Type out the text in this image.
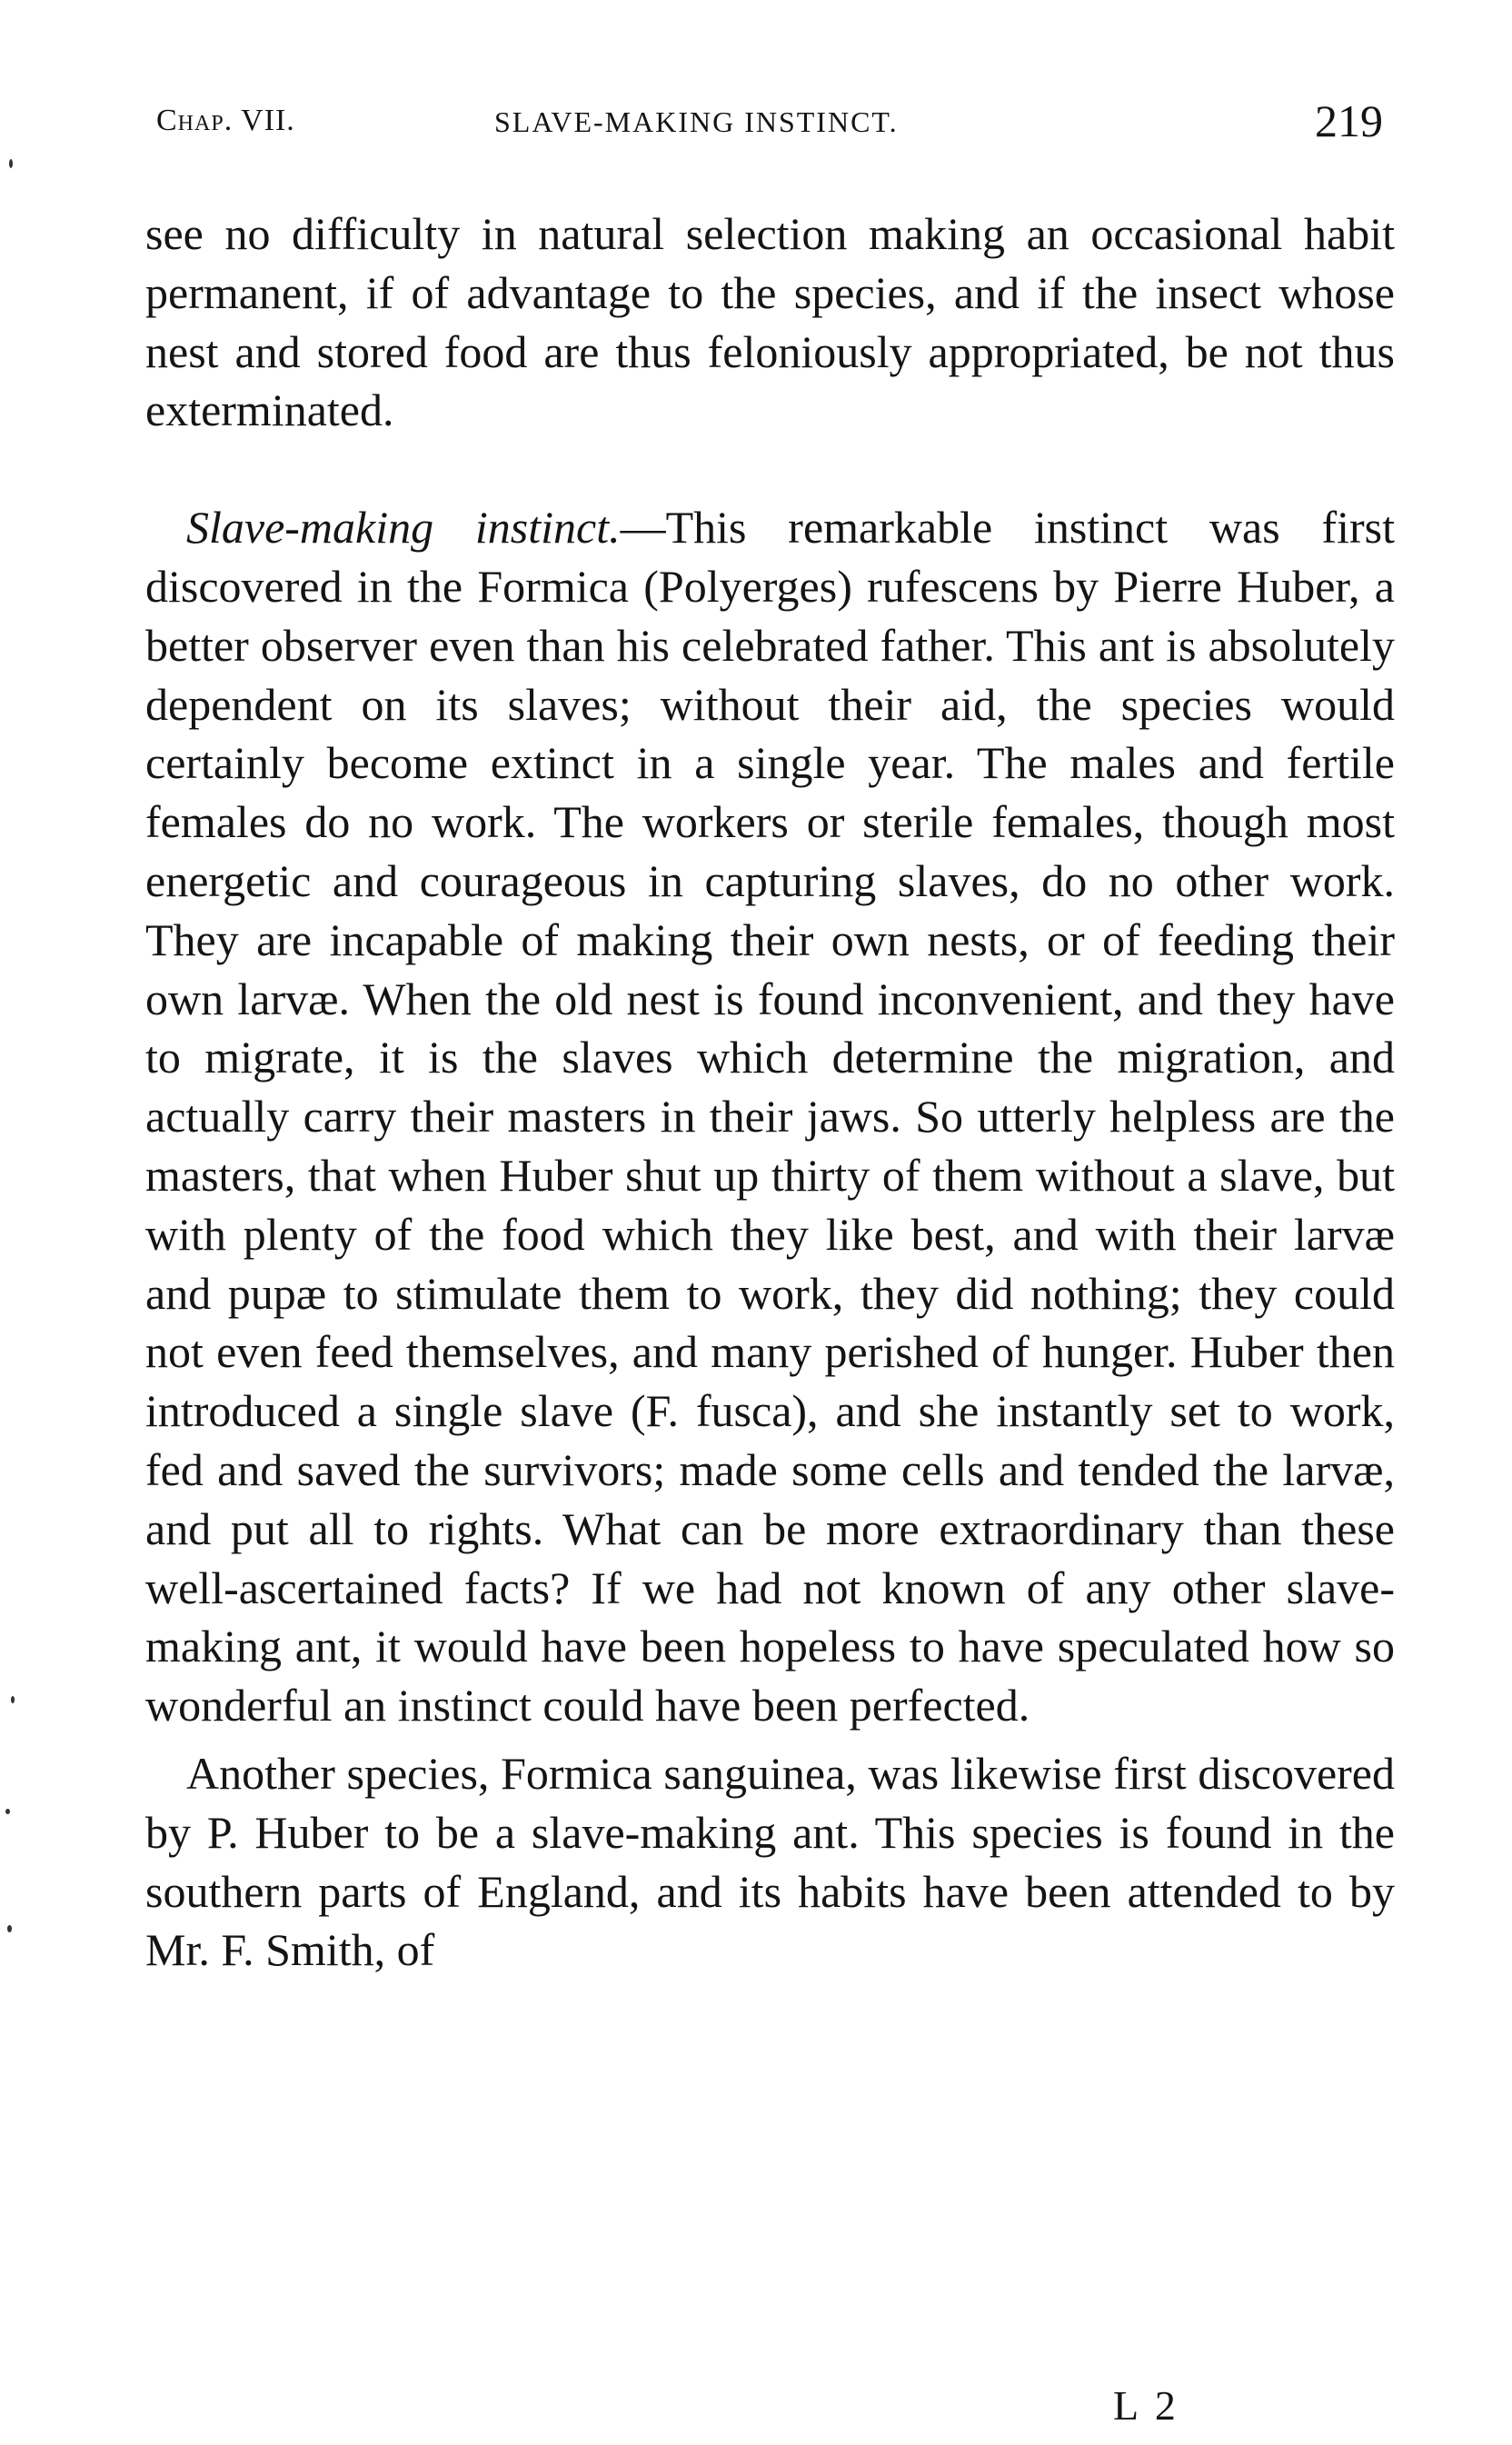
Chap. VII.	SLAVE-MAKING INSTINCT.	219

see no difficulty in natural selection making an occasional habit permanent, if of advantage to the species, and if the insect whose nest and stored food are thus feloniously appropriated, be not thus exterminated.

Slave-making instinct.—This remarkable instinct was first discovered in the Formica (Polyerges) rufescens by Pierre Huber, a better observer even than his celebrated father. This ant is absolutely dependent on its slaves; without their aid, the species would certainly become extinct in a single year. The males and fertile females do no work. The workers or sterile females, though most energetic and courageous in capturing slaves, do no other work. They are incapable of making their own nests, or of feeding their own larvæ. When the old nest is found inconvenient, and they have to migrate, it is the slaves which determine the migration, and actually carry their masters in their jaws. So utterly helpless are the masters, that when Huber shut up thirty of them without a slave, but with plenty of the food which they like best, and with their larvæ and pupæ to stimulate them to work, they did nothing; they could not even feed themselves, and many perished of hunger. Huber then introduced a single slave (F. fusca), and she instantly set to work, fed and saved the survivors; made some cells and tended the larvæ, and put all to rights. What can be more extraordinary than these well-ascertained facts? If we had not known of any other slave-making ant, it would have been hopeless to have speculated how so wonderful an instinct could have been perfected.

Another species, Formica sanguinea, was likewise first discovered by P. Huber to be a slave-making ant. This species is found in the southern parts of England, and its habits have been attended to by Mr. F. Smith, of

L 2
